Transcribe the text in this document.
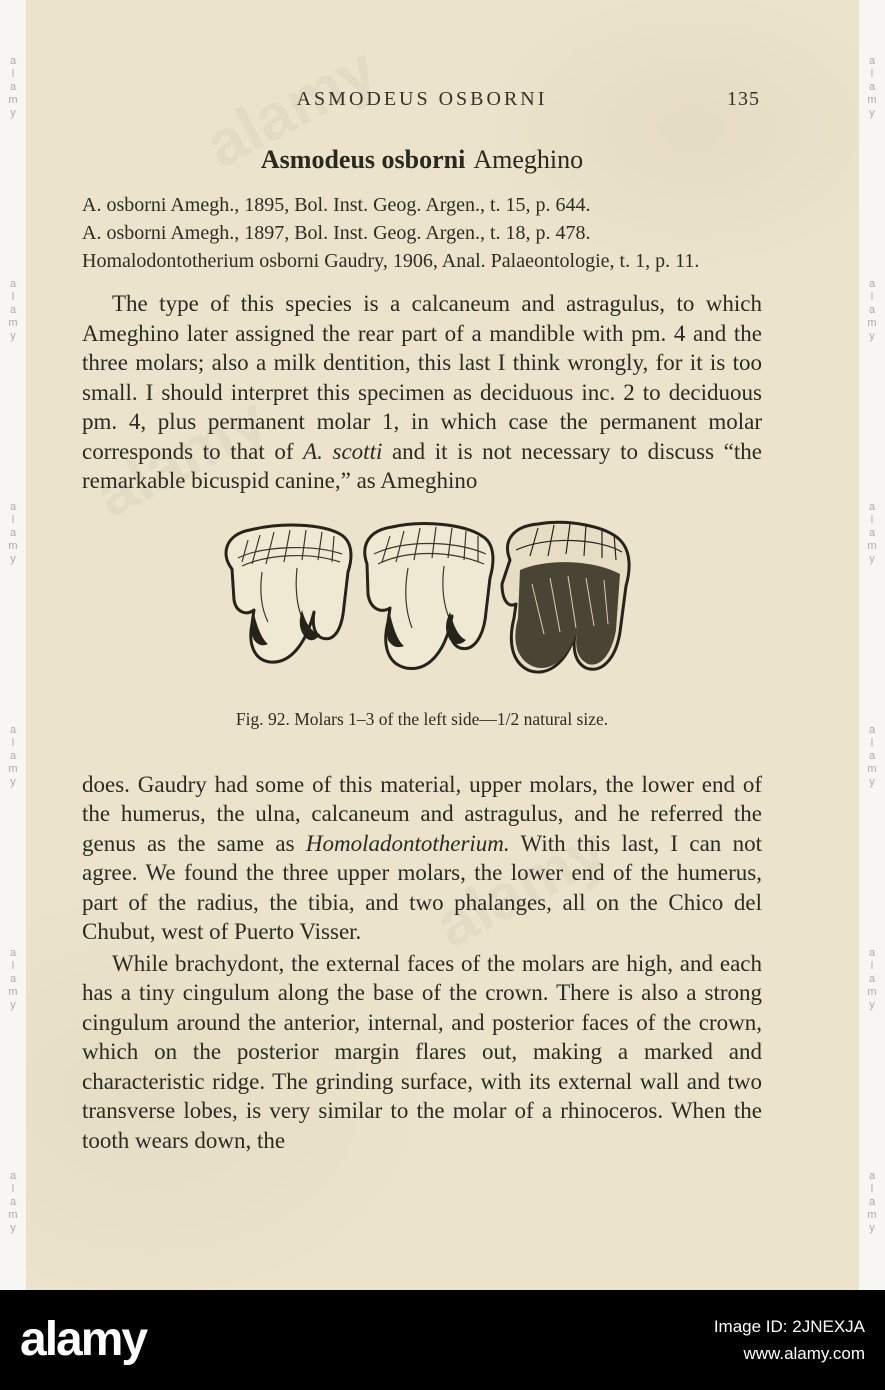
alamy
alamy
alamy
alamy
alamy
alamy
alamy
alamy
alamy
alamy
alamy
alamy
ASMODEUS OSBORNI	135
Asmodeus osborni Ameghino
A. osborni Amegh., 1895, Bol. Inst. Geog. Argen., t. 15, p. 644.
A. osborni Amegh., 1897, Bol. Inst. Geog. Argen., t. 18, p. 478.
Homalodontotherium osborni Gaudry, 1906, Anal. Palaeontologie, t. 1, p. 11.

The type of this species is a calcaneum and astragulus, to which Ameghino later assigned the rear part of a mandible with pm. 4 and the three molars; also a milk dentition, this last I think wrongly, for it is too small. I should interpret this specimen as deciduous inc. 2 to deciduous pm. 4, plus permanent molar 1, in which case the permanent molar corresponds to that of A. scotti and it is not necessary to discuss “the remarkable bicuspid canine,” as Ameghino

Fig. 92. Molars 1–3 of the left side—1/2 natural size.

does. Gaudry had some of this material, upper molars, the lower end of the humerus, the ulna, calcaneum and astragulus, and he referred the genus as the same as Homoladontotherium. With this last, I can not agree. We found the three upper molars, the lower end of the humerus, part of the radius, the tibia, and two phalanges, all on the Chico del Chubut, west of Puerto Visser.

While brachydont, the external faces of the molars are high, and each has a tiny cingulum along the base of the crown. There is also a strong cingulum around the anterior, internal, and posterior faces of the crown, which on the posterior margin flares out, making a marked and characteristic ridge. The grinding surface, with its external wall and two transverse lobes, is very similar to the molar of a rhinoceros. When the tooth wears down, the

alamy	Image ID: 2JNEXJA
www.alamy.com
